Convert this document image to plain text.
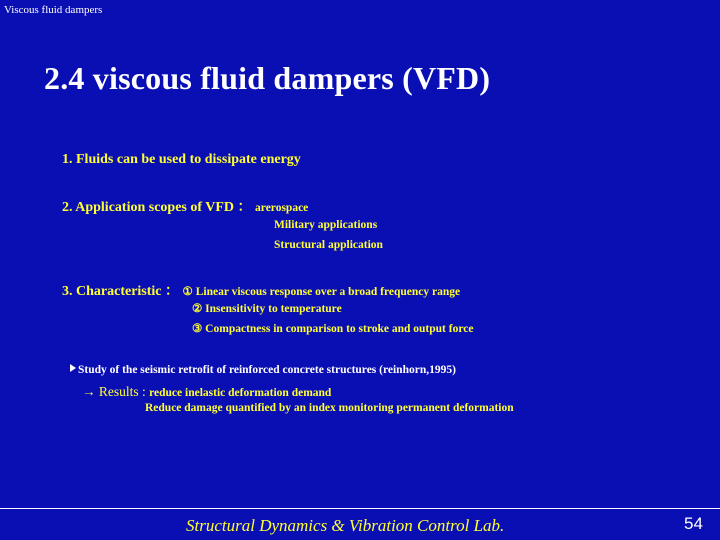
Viscous fluid dampers
2.4 viscous fluid dampers (VFD)
1. Fluids can be used to dissipate energy
2. Application scopes of VFD ： arerospace
Military applications
Structural application
3. Characteristic ： ① Linear viscous response over a broad frequency range
② Insensitivity to temperature
③ Compactness in comparison to stroke and output force
Study of the seismic retrofit of reinforced concrete structures (reinhorn,1995)
→ Results : reduce inelastic deformation demand
Reduce damage quantified by an index monitoring permanent deformation
Structural Dynamics & Vibration Control Lab.	54
